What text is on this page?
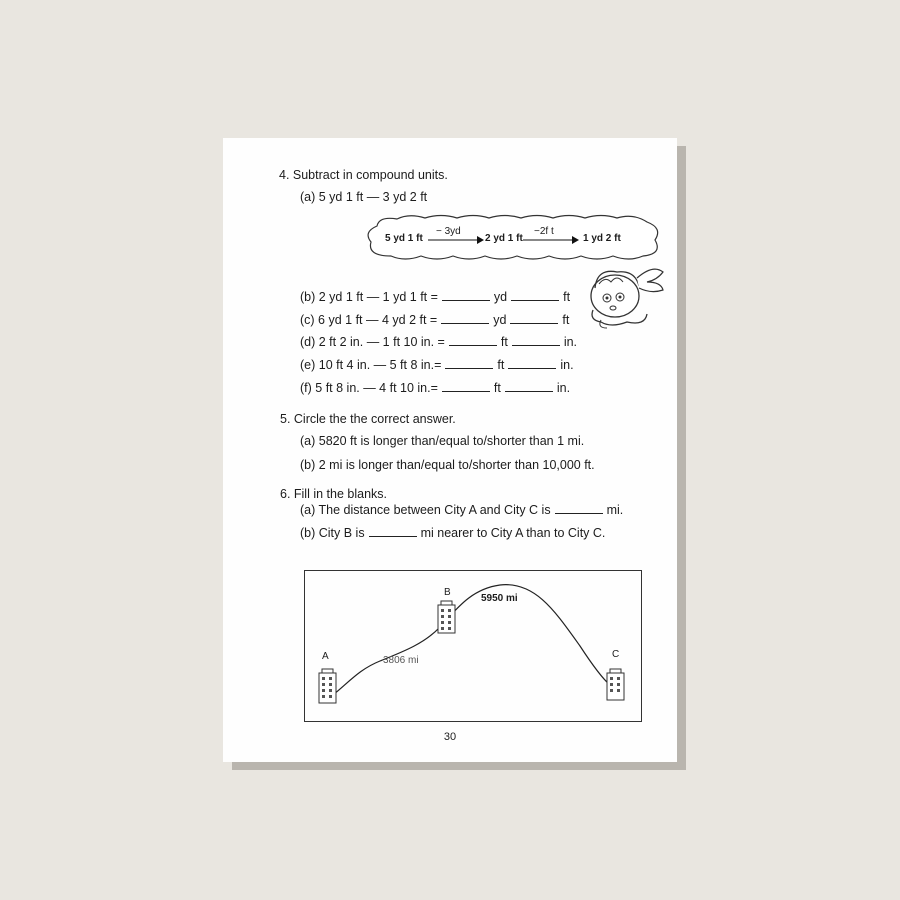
4. Subtract in compound units.
(a) 5 yd 1 ft — 3 yd 2 ft
5 yd 1 ft
− 3yd
2 yd 1 ft
−2f t
1 yd 2 ft
(b) 2 yd 1 ft — 1 yd 1 ft =	yd	ft
(c) 6 yd 1 ft — 4 yd 2 ft =	yd	ft
(d) 2 ft 2 in. — 1 ft 10 in. =	ft	in.
(e) 10 ft 4 in. — 5 ft 8 in.=	ft	in.
(f) 5 ft 8 in. — 4 ft 10 in.=	ft	in.
5. Circle the the correct answer.
(a) 5820 ft is longer than/equal to/shorter than 1 mi.
(b) 2 mi is longer than/equal to/shorter than 10,000 ft.
6. Fill in the blanks.
(a) The distance between City A and City C is	mi.
(b) City B is	mi nearer to City A than to City C.
A
B
C
3806 mi
5950 mi
30
